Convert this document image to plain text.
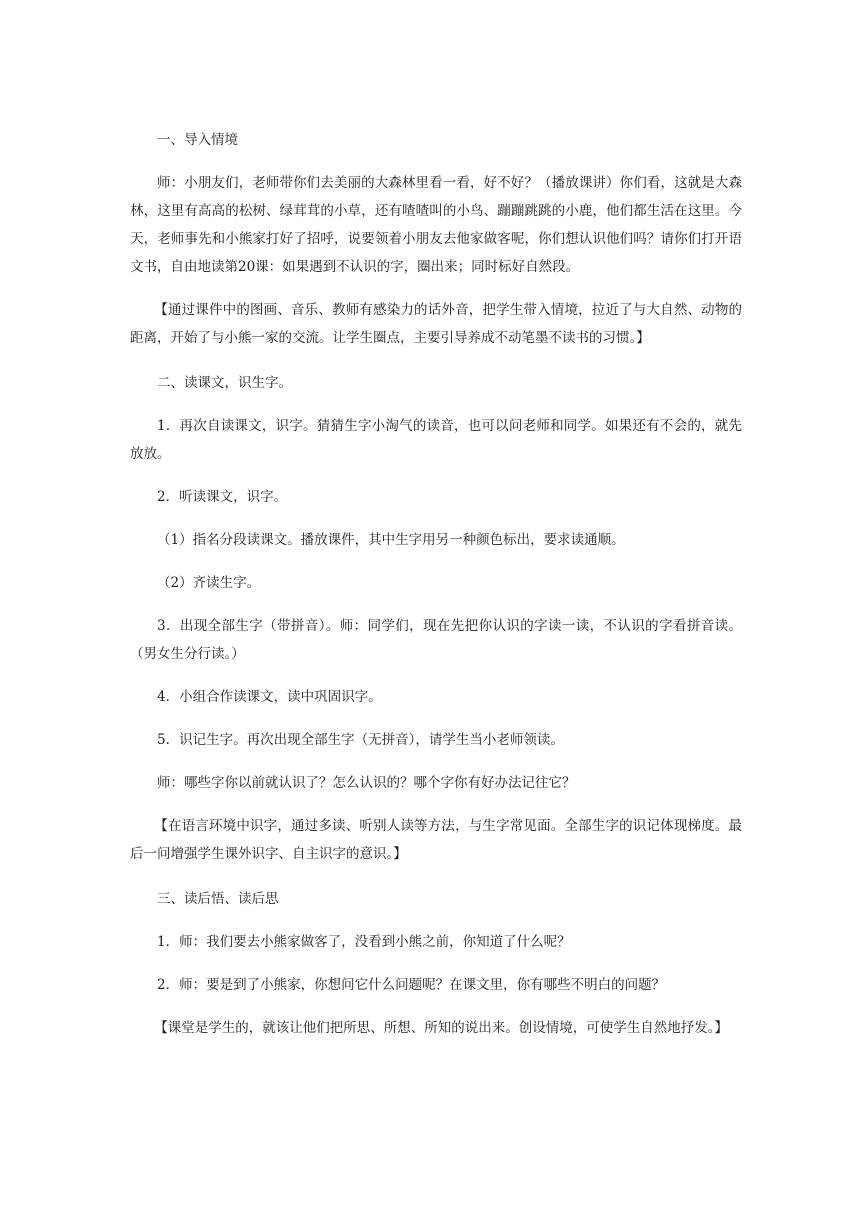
一、导入情境

师：小朋友们，老师带你们去美丽的大森林里看一看，好不好？（播放课讲）你们看，这就是大森林，这里有高高的松树、绿茸茸的小草，还有喳喳叫的小鸟、蹦蹦跳跳的小鹿，他们都生活在这里。今天，老师事先和小熊家打好了招呼，说要领着小朋友去他家做客呢，你们想认识他们吗？请你们打开语文书，自由地读第20课：如果遇到不认识的字，圈出来；同时标好自然段。

【通过课件中的图画、音乐、教师有感染力的话外音，把学生带入情境，拉近了与大自然、动物的距离，开始了与小熊一家的交流。让学生圈点，主要引导养成不动笔墨不读书的习惯。】

二、读课文，识生字。

1．再次自读课文，识字。猜猜生字小淘气的读音，也可以问老师和同学。如果还有不会的，就先放放。

2．听读课文，识字。

（1）指名分段读课文。播放课件，其中生字用另一种颜色标出，要求读通顺。

（2）齐读生字。

3．出现全部生字（带拼音）。师：同学们，现在先把你认识的字读一读，不认识的字看拼音读。（男女生分行读。）

4．小组合作读课文，读中巩固识字。

5．识记生字。再次出现全部生字（无拼音），请学生当小老师领读。

师：哪些字你以前就认识了？怎么认识的？哪个字你有好办法记往它？

【在语言环境中识字，通过多读、听别人读等方法，与生字常见面。全部生字的识记体现梯度。最后一问增强学生课外识字、自主识字的意识。】

三、读后悟、读后思

1．师：我们要去小熊家做客了，没看到小熊之前，你知道了什么呢？

2．师：要是到了小熊家，你想问它什么问题呢？在课文里，你有哪些不明白的问题？

【课堂是学生的，就该让他们把所思、所想、所知的说出来。创设情境，可使学生自然地抒发。】
